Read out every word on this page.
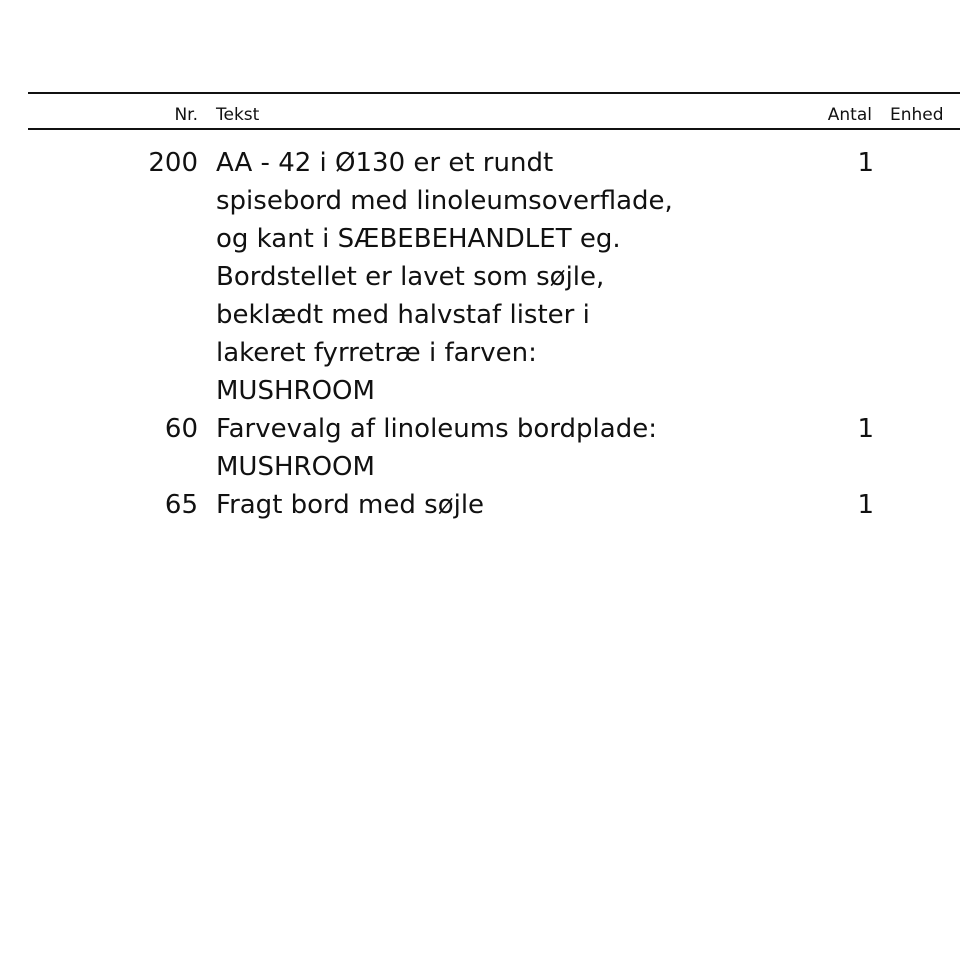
Nr. Tekst	Antal Enhed
200 AA - 42 i Ø130 er et rundt
spisebord med linoleumsoverflade,
og kant i SÆBEBEHANDLET eg.
Bordstellet er lavet som søjle,
beklædt med halvstaf lister i
lakeret fyrretræ i farven:
MUSHROOM
1
60 Farvevalg af linoleums bordplade:
MUSHROOM
1
65 Fragt bord med søjle	1
